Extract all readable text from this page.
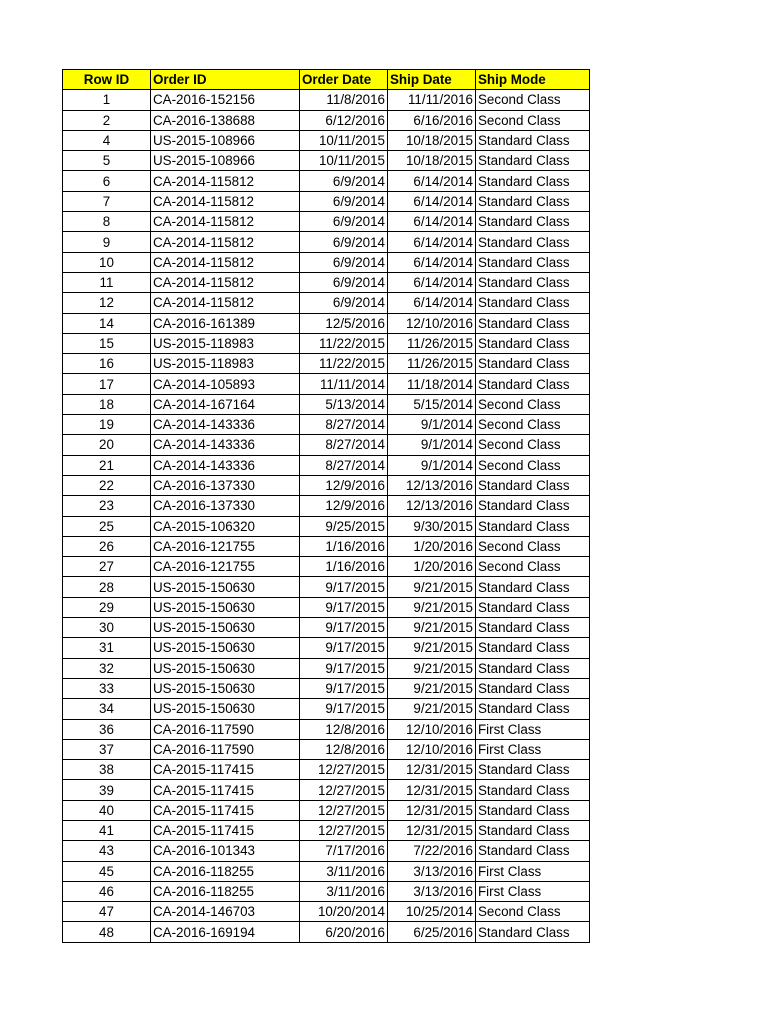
Row ID	Order ID	Order Date	Ship Date	Ship Mode
1	CA-2016-152156	11/8/2016	11/11/2016	Second Class
2	CA-2016-138688	6/12/2016	6/16/2016	Second Class
4	US-2015-108966	10/11/2015	10/18/2015	Standard Class
5	US-2015-108966	10/11/2015	10/18/2015	Standard Class
6	CA-2014-115812	6/9/2014	6/14/2014	Standard Class
7	CA-2014-115812	6/9/2014	6/14/2014	Standard Class
8	CA-2014-115812	6/9/2014	6/14/2014	Standard Class
9	CA-2014-115812	6/9/2014	6/14/2014	Standard Class
10	CA-2014-115812	6/9/2014	6/14/2014	Standard Class
11	CA-2014-115812	6/9/2014	6/14/2014	Standard Class
12	CA-2014-115812	6/9/2014	6/14/2014	Standard Class
14	CA-2016-161389	12/5/2016	12/10/2016	Standard Class
15	US-2015-118983	11/22/2015	11/26/2015	Standard Class
16	US-2015-118983	11/22/2015	11/26/2015	Standard Class
17	CA-2014-105893	11/11/2014	11/18/2014	Standard Class
18	CA-2014-167164	5/13/2014	5/15/2014	Second Class
19	CA-2014-143336	8/27/2014	9/1/2014	Second Class
20	CA-2014-143336	8/27/2014	9/1/2014	Second Class
21	CA-2014-143336	8/27/2014	9/1/2014	Second Class
22	CA-2016-137330	12/9/2016	12/13/2016	Standard Class
23	CA-2016-137330	12/9/2016	12/13/2016	Standard Class
25	CA-2015-106320	9/25/2015	9/30/2015	Standard Class
26	CA-2016-121755	1/16/2016	1/20/2016	Second Class
27	CA-2016-121755	1/16/2016	1/20/2016	Second Class
28	US-2015-150630	9/17/2015	9/21/2015	Standard Class
29	US-2015-150630	9/17/2015	9/21/2015	Standard Class
30	US-2015-150630	9/17/2015	9/21/2015	Standard Class
31	US-2015-150630	9/17/2015	9/21/2015	Standard Class
32	US-2015-150630	9/17/2015	9/21/2015	Standard Class
33	US-2015-150630	9/17/2015	9/21/2015	Standard Class
34	US-2015-150630	9/17/2015	9/21/2015	Standard Class
36	CA-2016-117590	12/8/2016	12/10/2016	First Class
37	CA-2016-117590	12/8/2016	12/10/2016	First Class
38	CA-2015-117415	12/27/2015	12/31/2015	Standard Class
39	CA-2015-117415	12/27/2015	12/31/2015	Standard Class
40	CA-2015-117415	12/27/2015	12/31/2015	Standard Class
41	CA-2015-117415	12/27/2015	12/31/2015	Standard Class
43	CA-2016-101343	7/17/2016	7/22/2016	Standard Class
45	CA-2016-118255	3/11/2016	3/13/2016	First Class
46	CA-2016-118255	3/11/2016	3/13/2016	First Class
47	CA-2014-146703	10/20/2014	10/25/2014	Second Class
48	CA-2016-169194	6/20/2016	6/25/2016	Standard Class
